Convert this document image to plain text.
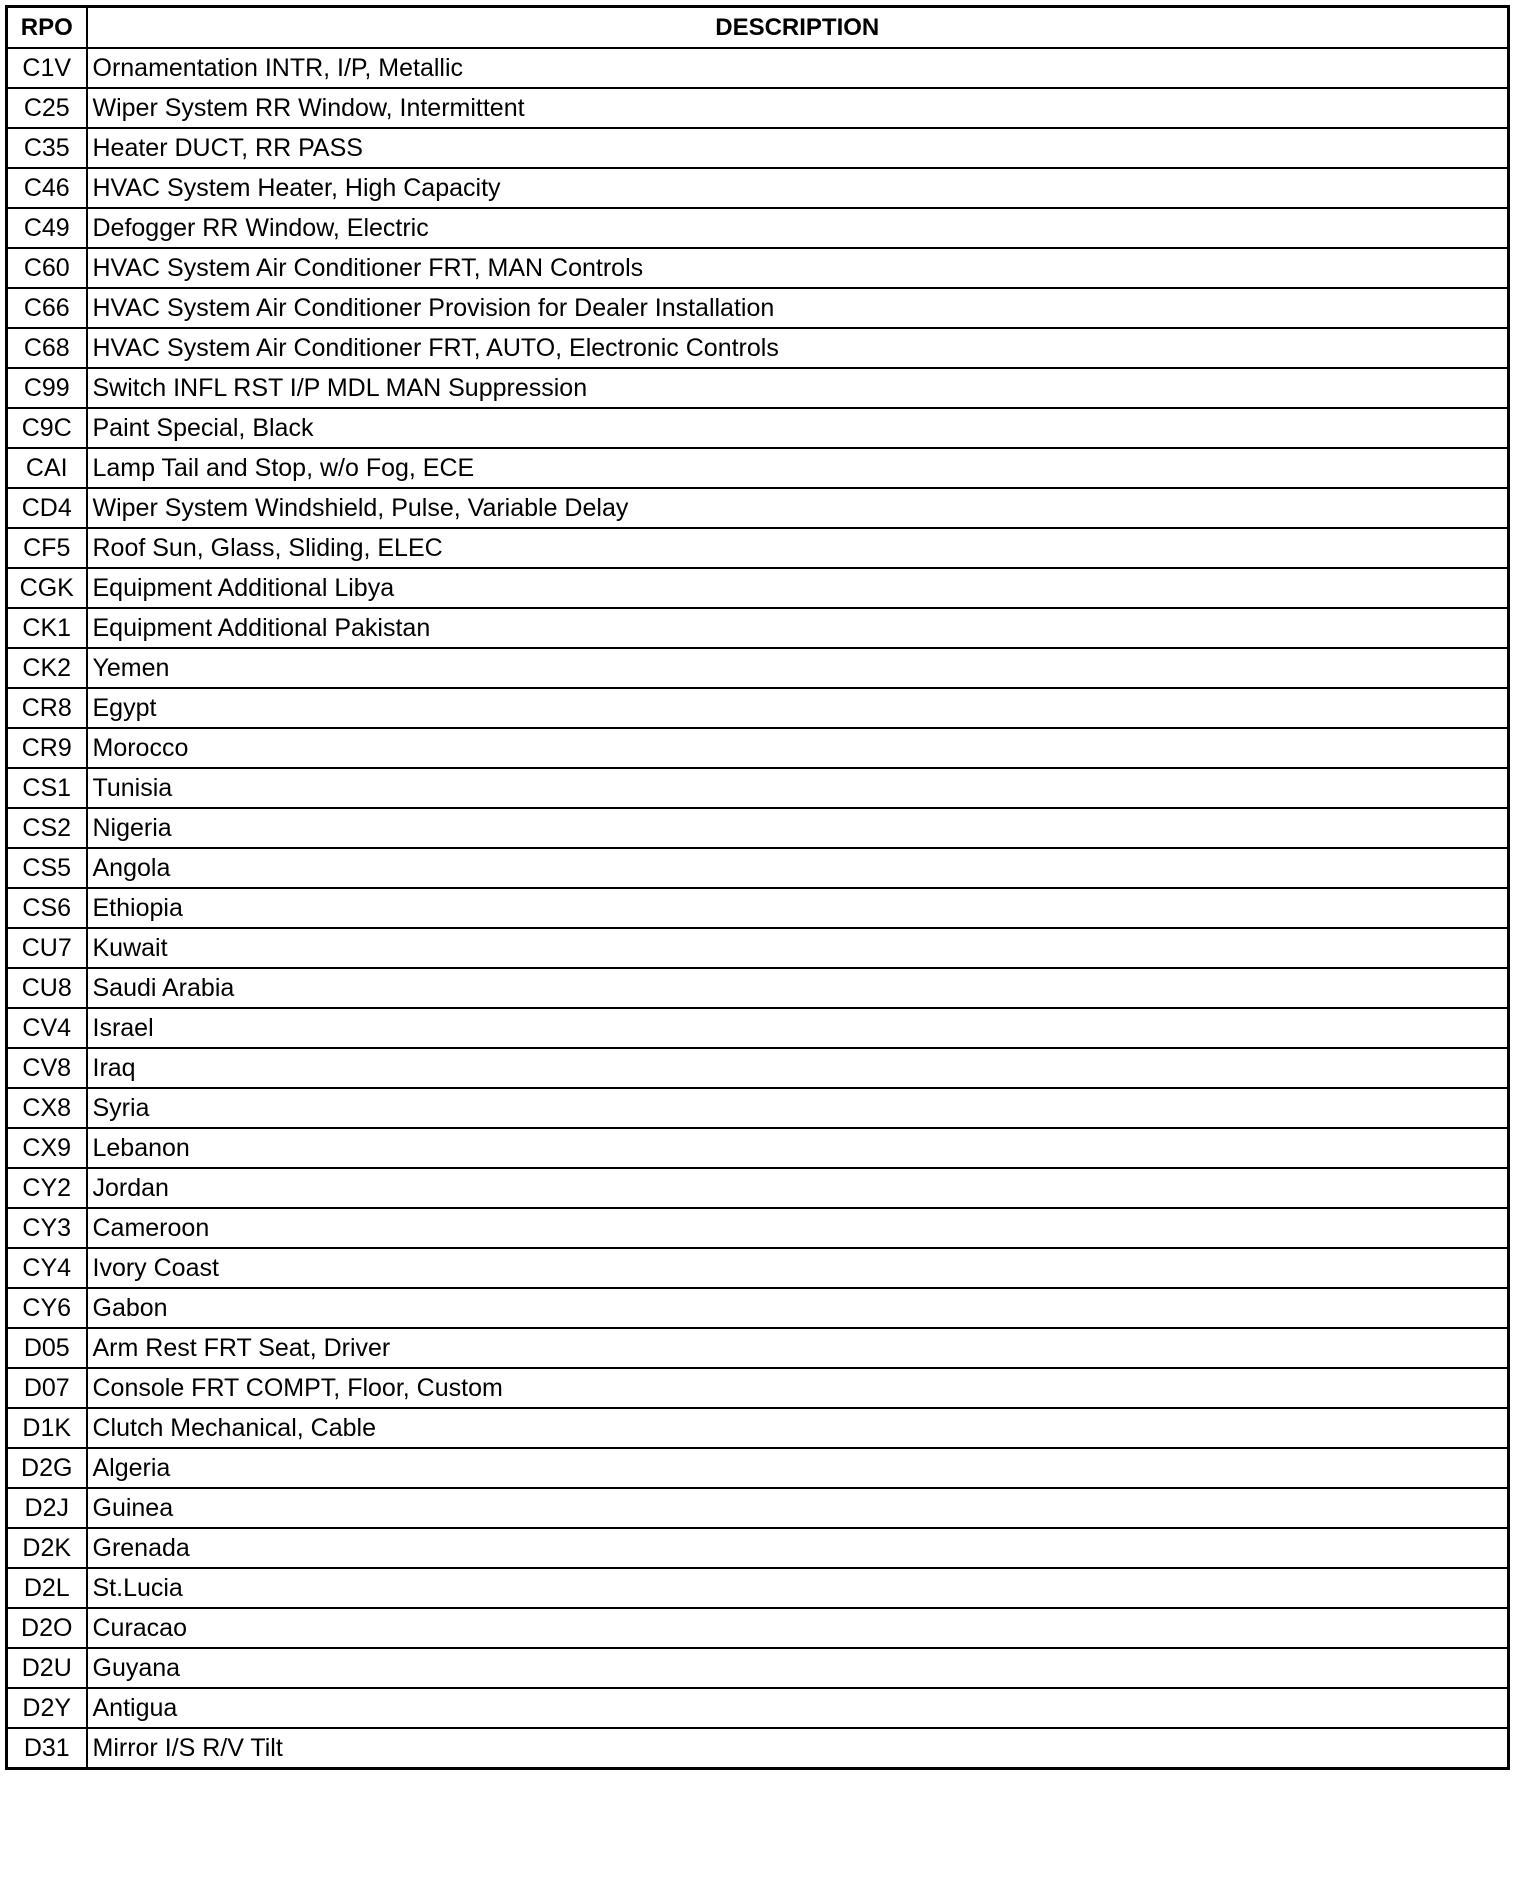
RPO	DESCRIPTION
C1V	Ornamentation INTR, I/P, Metallic
C25	Wiper System RR Window, Intermittent
C35	Heater DUCT, RR PASS
C46	HVAC System Heater, High Capacity
C49	Defogger RR Window, Electric
C60	HVAC System Air Conditioner FRT, MAN Controls
C66	HVAC System Air Conditioner Provision for Dealer Installation
C68	HVAC System Air Conditioner FRT, AUTO, Electronic Controls
C99	Switch INFL RST I/P MDL MAN Suppression
C9C	Paint Special, Black
CAI	Lamp Tail and Stop, w/o Fog, ECE
CD4	Wiper System Windshield, Pulse, Variable Delay
CF5	Roof Sun, Glass, Sliding, ELEC
CGK	Equipment Additional Libya
CK1	Equipment Additional Pakistan
CK2	Yemen
CR8	Egypt
CR9	Morocco
CS1	Tunisia
CS2	Nigeria
CS5	Angola
CS6	Ethiopia
CU7	Kuwait
CU8	Saudi Arabia
CV4	Israel
CV8	Iraq
CX8	Syria
CX9	Lebanon
CY2	Jordan
CY3	Cameroon
CY4	Ivory Coast
CY6	Gabon
D05	Arm Rest FRT Seat, Driver
D07	Console FRT COMPT, Floor, Custom
D1K	Clutch Mechanical, Cable
D2G	Algeria
D2J	Guinea
D2K	Grenada
D2L	St.Lucia
D2O	Curacao
D2U	Guyana
D2Y	Antigua
D31	Mirror I/S R/V Tilt
